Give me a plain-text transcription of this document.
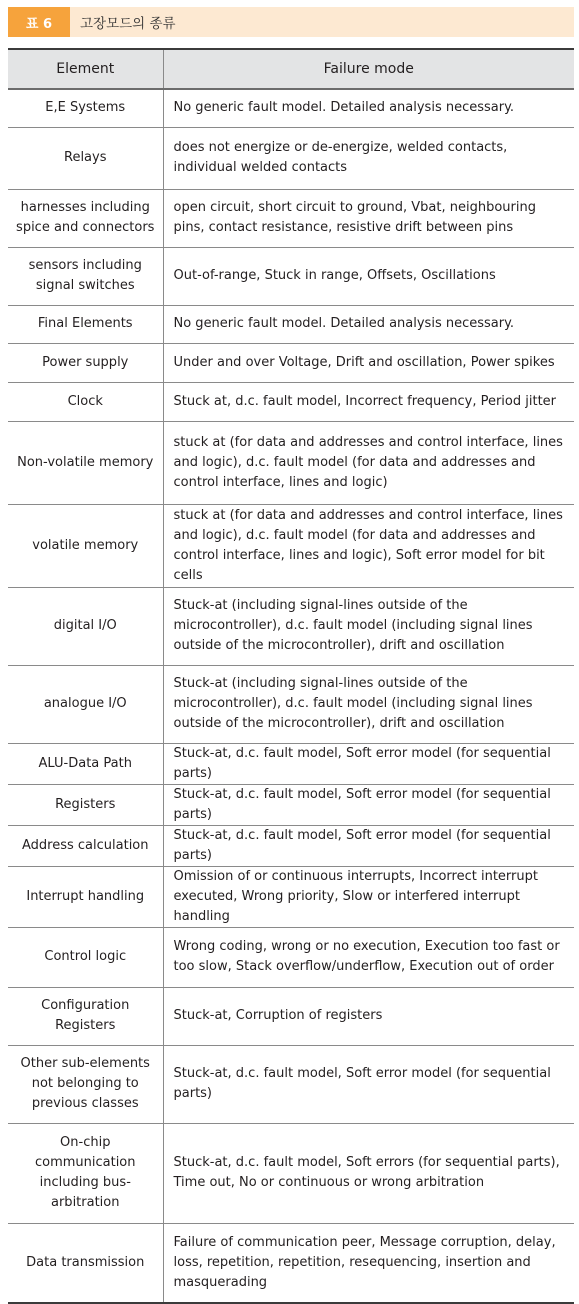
표 6	고장모드의 종류
Element	Failure mode
E,E Systems	No generic fault model. Detailed analysis necessary.
Relays	does not energize or de-energize, welded contacts, individual welded contacts
harnesses including spice and connectors	open circuit, short circuit to ground, Vbat, neighbouring pins, contact resistance, resistive drift between pins
sensors including signal switches	Out-of-range, Stuck in range, Offsets, Oscillations
Final Elements	No generic fault model. Detailed analysis necessary.
Power supply	Under and over Voltage, Drift and oscillation, Power spikes
Clock	Stuck at, d.c. fault model, Incorrect frequency, Period jitter
Non-volatile memory	stuck at (for data and addresses and control interface, lines and logic), d.c. fault model (for data and addresses and control interface, lines and logic)
volatile memory	stuck at (for data and addresses and control interface, lines and logic), d.c. fault model (for data and addresses and control interface, lines and logic), Soft error model for bit cells
digital I/O	Stuck-at (including signal-lines outside of the microcontroller), d.c. fault model (including signal lines outside of the microcontroller), drift and oscillation
analogue I/O	Stuck-at (including signal-lines outside of the microcontroller), d.c. fault model (including signal lines outside of the microcontroller), drift and oscillation
ALU-Data Path	Stuck-at, d.c. fault model, Soft error model (for sequential parts)
Registers	Stuck-at, d.c. fault model, Soft error model (for sequential parts)
Address calculation	Stuck-at, d.c. fault model, Soft error model (for sequential parts)
Interrupt handling	Omission of or continuous interrupts, Incorrect interrupt executed, Wrong priority, Slow or interfered interrupt handling
Control logic	Wrong coding, wrong or no execution, Execution too fast or too slow, Stack overflow/underflow, Execution out of order
Configuration Registers	Stuck-at, Corruption of registers
Other sub-elements not belonging to previous classes	Stuck-at, d.c. fault model, Soft error model (for sequential parts)
On-chip communication including bus-arbitration	Stuck-at, d.c. fault model, Soft errors (for sequential parts), Time out, No or continuous or wrong arbitration
Data transmission	Failure of communication peer, Message corruption, delay, loss, repetition, repetition, resequencing, insertion and masquerading
